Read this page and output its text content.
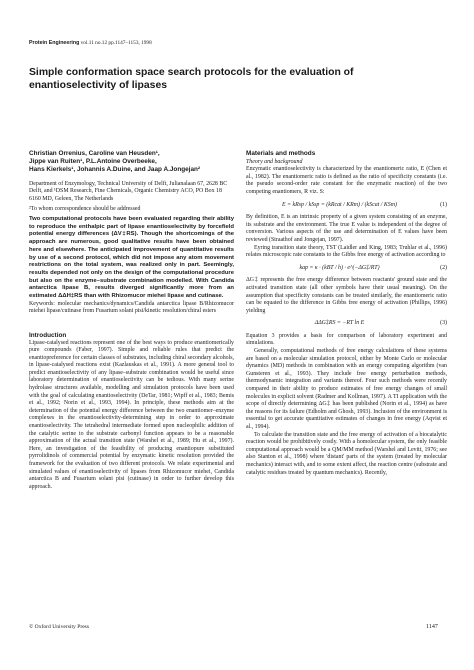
Protein Engineering vol.11 no.12 pp.1147–1153, 1998
Simple conformation space search protocols for the evaluation of enantioselectivity of lipases
Christian Orrenius, Caroline van Heusden¹,
Jippe van Ruiten¹, P.L.Antoine Overbeeke,
Hans Kierkels¹, Johannis A.Duine, and Jaap A.Jongejan²

Department of Enzymology, Technical University of Delft, Julianalaan 67, 2628 BC Delft, and ¹DSM Research, Fine Chemicals, Organic Chemistry ACO, PO Box 18 6160 MD, Geleen, The Netherlands

²To whom correspondence should be addressed

Two computational protocols have been evaluated regarding their ability to reproduce the enthalpic part of lipase enantioselectivity by forcefield potential energy differences (ΔV‡RS). Though the shortcomings of the approach are numerous, good qualitative results have been obtained here and elsewhere. The anticipated improvement of quantitative results by use of a second protocol, which did not impose any atom movement restrictions on the total system, was realized only in part. Seemingly, results depended not only on the design of the computational procedure but also on the enzyme–substrate combination modelled. With Candida antarctica lipase B, results diverged significantly more from an estimated ΔΔH‡RS than with Rhizomucor miehei lipase and cutinase.

Keywords: molecular mechanics/dynamics/Candida antarctica lipase B/Rhizomucor miehei lipase/cutinase from Fusarium solani pisi/kinetic resolution/chiral esters

Introduction

Lipase-catalysed reactions represent one of the best ways to produce enantiomerically pure compounds (Faber, 1997). Simple and reliable rules that predict the enantiopreference for certain classes of substrates, including chiral secondary alcohols, in lipase-catalysed reactions exist (Kazlauskas et al., 1991). A more general tool to predict enantioselectivity of any lipase–substrate combination would be useful since laboratory determination of enantioselectivity can be tedious. With many serine hydrolase structures available, modelling and simulation protocols have been used with the goal of calculating enantioselectivity (DeTar, 1981; Wipff et al., 1983; Bemis et al., 1992; Norin et al., 1993, 1994). In principle, these methods aim at the determination of the potential energy difference between the two enantiomer–enzyme complexes in the enantioselectivity-determining step in order to approximate enantioselectivity. The tetrahedral intermediate formed upon nucleophilic addition of the catalytic serine to the substrate carbonyl function appears to be a reasonable approximation of the actual transition state (Warshel et al., 1989; Hu et al., 1997). Here, an investigation of the feasibility of producing enantiopure substituted pyrrolidinols of commercial potential by enzymatic kinetic resolution provided the framework for the evaluation of two different protocols. We relate experimental and simulated values of enantioselectivity of lipases from Rhizomucor miehei, Candida antarctica B and Fusarium solani pisi (cutinase) in order to further develop this approach.

Materials and methods
Theory and background

Enzymatic enantioselectivity is characterized by the enantiomeric ratio, E (Chen et al., 1982). The enantiomeric ratio is defined as the ratio of specificity constants (i.e. the pseudo second-order rate constant for the enzymatic reaction) of the two competing enantiomers, R viz. S:

E = kRsp / kSsp = (kRcat / KRm) / (kScat / KSm)	(1)

By definition, E is an intrinsic property of a given system consisting of an enzyme, its substrate and the environment. The true E value is independent of the degree of conversion. Various aspects of the use and determination of E values have been reviewed (Straathof and Jongejan, 1997).

Eyring transition state theory, TST (Laidler and King, 1983; Truhlar et al., 1996) relates microscopic rate constants to the Gibbs free energy of activation according to

kap = κ · (kBT / h) · e^(−ΔG‡/RT)	(2)

ΔG‡ represents the free energy difference between reactants' ground state and the activated transition state (all other symbols have their usual meaning). On the assumption that specificity constants can be treated similarly, the enantiomeric ratio can be equated to the difference in Gibbs free energy of activation (Phillips, 1996) yielding

ΔΔG‡RS = −RT ln E	(3)

Equation 3 provides a basis for comparison of laboratory experiment and simulations.

Generally, computational methods of free energy calculations of these systems are based on a molecular simulation protocol, either by Monte Carlo or molecular dynamics (MD) methods in combination with an energy computing algorithm (van Gunsteren et al., 1993). They include free energy perturbation methods, thermodynamic integration and variants thereof. Four such methods were recently compared in their ability to produce estimates of free energy changes of small molecules in explicit solvent (Radmer and Kollman, 1997). A TI application with the scope of directly determining ΔG‡ has been published (Norin et al., 1994) as have the reasons for its failure (Edholm and Ghosh, 1993). Inclusion of the environment is essential to get accurate quantitative estimates of changes in free energy (Aqvist et al., 1994).

To calculate the transition state and the free energy of activation of a biocatalytic reaction would be prohibitively costly. With a homolecular system, the only feasible computational approach would be a QM/MM method (Warshel and Levitt, 1976; see also Stanton et al., 1998) where 'distant' parts of the system (treated by molecular mechanics) interact with, and to some extent affect, the reaction centre (substrate and catalytic residues treated by quantum mechanics). Recently,

© Oxford University Press	1147
